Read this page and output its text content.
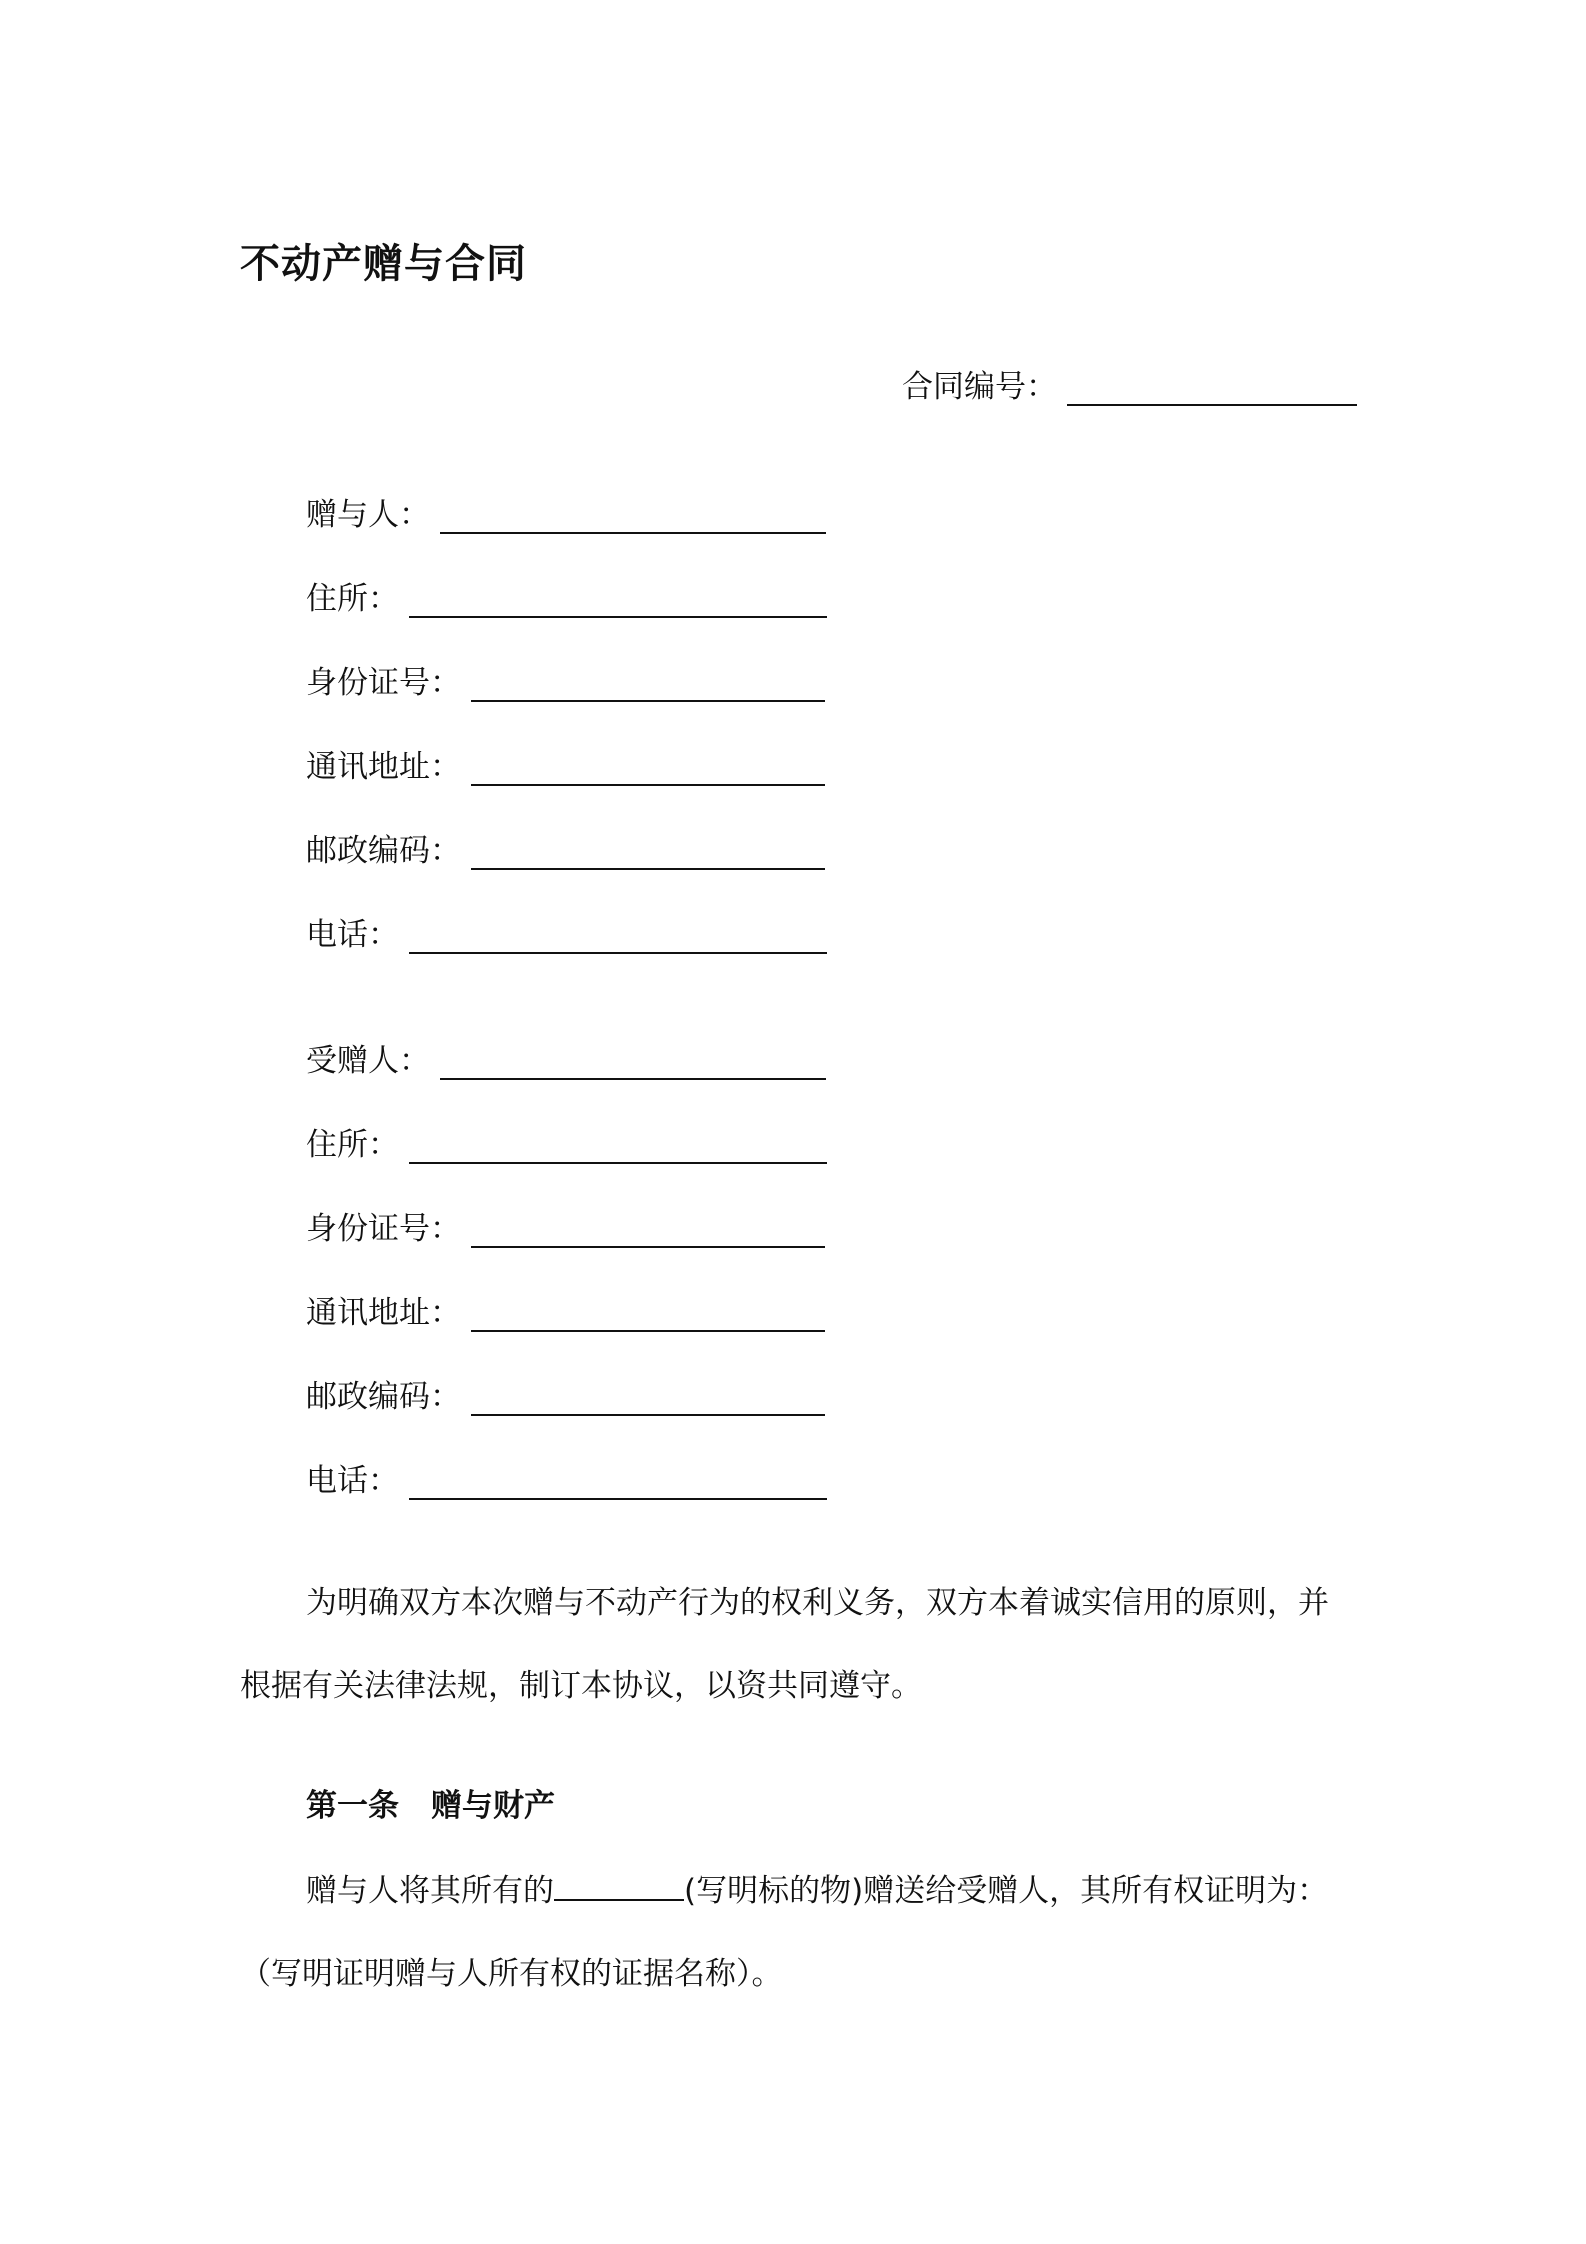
不动产赠与合同
合同编号：
赠与人：
住所：
身份证号：
通讯地址：
邮政编码：
电话：
受赠人：
住所：
身份证号：
通讯地址：
邮政编码：
电话：
为明确双方本次赠与不动产行为的权利义务，双方本着诚实信用的原则，并
根据有关法律法规，制订本协议，以资共同遵守。
第一条 赠与财产
赠与人将其所有的	(写明标的物)赠送给受赠人，其所有权证明为：
（写明证明赠与人所有权的证据名称）。
